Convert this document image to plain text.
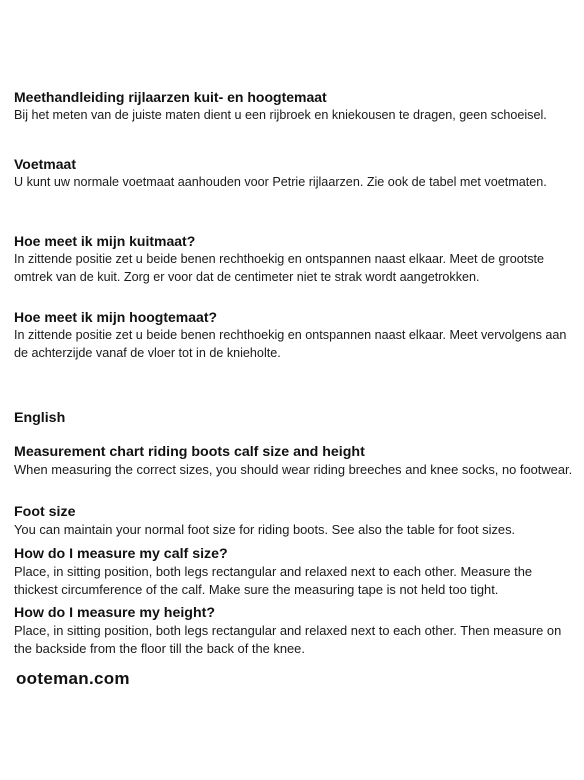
Meethandleiding rijlaarzen kuit- en hoogtemaat

Bij het meten van de juiste maten dient u een rijbroek en kniekousen te dragen, geen schoeisel.

Voetmaat

U kunt uw normale voetmaat aanhouden voor Petrie rijlaarzen. Zie ook de tabel met voetmaten.

Hoe meet ik mijn kuitmaat?

In zittende positie zet u beide benen rechthoekig en ontspannen naast elkaar. Meet de grootste omtrek van de kuit. Zorg er voor dat de centimeter niet te strak wordt aangetrokken.

Hoe meet ik mijn hoogtemaat?

In zittende positie zet u beide benen rechthoekig en ontspannen naast elkaar. Meet vervolgens aan de achterzijde vanaf de vloer tot in de knieholte.

English
Measurement chart riding boots calf size and height

When measuring the correct sizes, you should wear riding breeches and knee socks, no footwear.

Foot size

You can maintain your normal foot size for riding boots. See also the table for foot sizes.

How do I measure my calf size?

Place, in sitting position, both legs rectangular and relaxed next to each other. Measure the thickest circumference of the calf. Make sure the measuring tape is not held too tight.

How do I measure my height?

Place, in sitting position, both legs rectangular and relaxed next to each other. Then measure on the backside from the floor till the back of the knee.

ooteman.com
